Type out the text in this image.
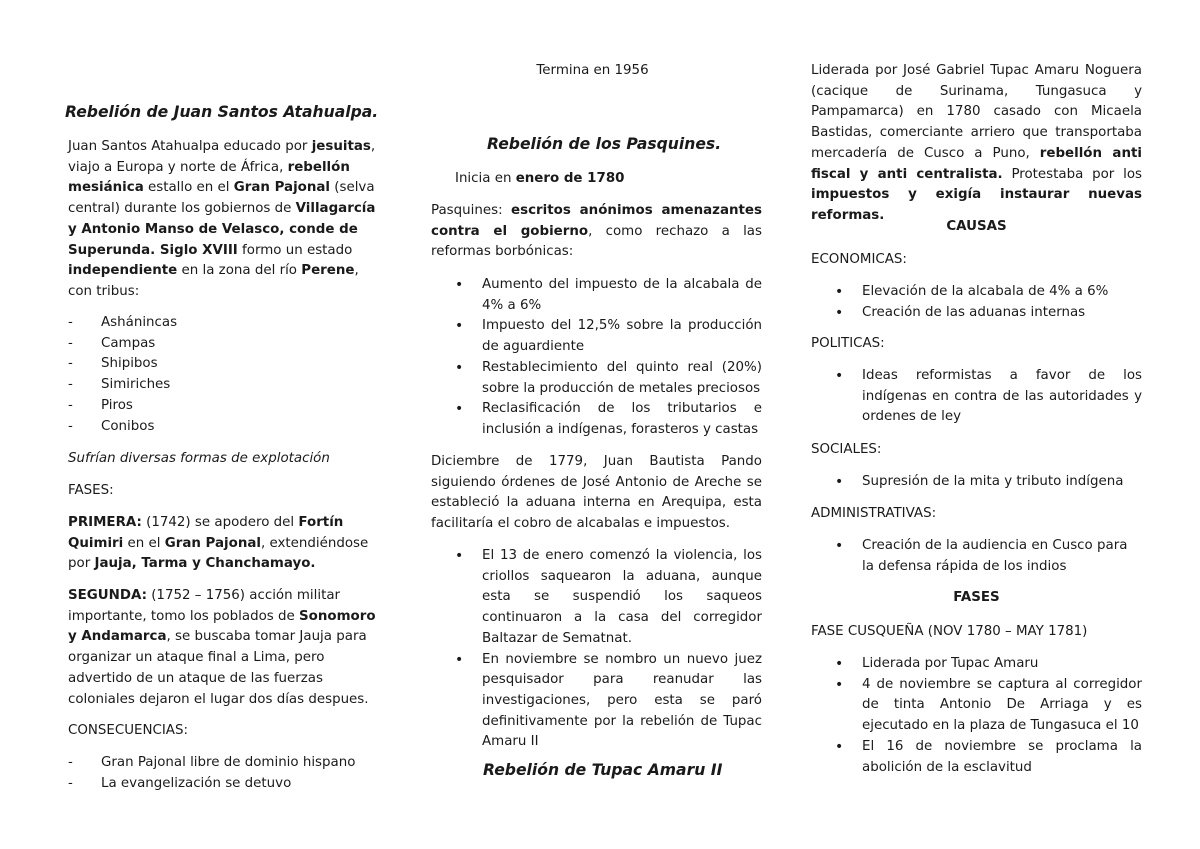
Rebelión de Juan Santos Atahualpa.

Juan Santos Atahualpa educado por jesuitas, viajo a Europa y norte de África, rebellón mesiánica estallo en el Gran Pajonal (selva central) durante los gobiernos de Villagarcía y Antonio Manso de Velasco, conde de Superunda. Siglo XVIII formo un estado independiente en la zona del río Perene, con tribus:

- Ashánincas
- Campas
- Shipibos
- Simiriches
- Piros
- Conibos

Sufrían diversas formas de explotación

FASES:

PRIMERA: (1742) se apodero del Fortín Quimiri en el Gran Pajonal, extendiéndose por Jauja, Tarma y Chanchamayo.

SEGUNDA: (1752 – 1756) acción militar importante, tomo los poblados de Sonomoro y Andamarca, se buscaba tomar Jauja para organizar un ataque final a Lima, pero advertido de un ataque de las fuerzas coloniales dejaron el lugar dos días despues.

CONSECUENCIAS:

- Gran Pajonal libre de dominio hispano
- La evangelización se detuvo

Termina en 1956

Rebelión de los Pasquines.

Inicia en enero de 1780

Pasquines: escritos anónimos amenazantes contra el gobierno, como rechazo a las reformas borbónicas:

• Aumento del impuesto de la alcabala de 4% a 6%
• Impuesto del 12,5% sobre la producción de aguardiente
• Restablecimiento del quinto real (20%) sobre la producción de metales preciosos
• Reclasificación de los tributarios e inclusión a indígenas, forasteros y castas

Diciembre de 1779, Juan Bautista Pando siguiendo órdenes de José Antonio de Areche se estableció la aduana interna en Arequipa, esta facilitaría el cobro de alcabalas e impuestos.

• El 13 de enero comenzó la violencia, los criollos saquearon la aduana, aunque esta se suspendió los saqueos continuaron a la casa del corregidor Baltazar de Sematnat.
• En noviembre se nombro un nuevo juez pesquisador para reanudar las investigaciones, pero esta se paró definitivamente por la rebelión de Tupac Amaru II
Rebelión de Tupac Amaru II

Liderada por José Gabriel Tupac Amaru Noguera (cacique de Surinama, Tungasuca y Pampamarca) en 1780 casado con Micaela Bastidas, comerciante arriero que transportaba mercadería de Cusco a Puno, rebellón anti fiscal y anti centralista. Protestaba por los impuestos y exigía instaurar nuevas reformas.

CAUSAS

ECONOMICAS:

• Elevación de la alcabala de 4% a 6%
• Creación de las aduanas internas

POLITICAS:

• Ideas reformistas a favor de los indígenas en contra de las autoridades y ordenes de ley

SOCIALES:

• Supresión de la mita y tributo indígena

ADMINISTRATIVAS:

• Creación de la audiencia en Cusco para la defensa rápida de los indios

FASES

FASE CUSQUEÑA (NOV 1780 – MAY 1781)

• Liderada por Tupac Amaru
• 4 de noviembre se captura al corregidor de tinta Antonio De Arriaga y es ejecutado en la plaza de Tungasuca el 10
• El 16 de noviembre se proclama la abolición de la esclavitud
